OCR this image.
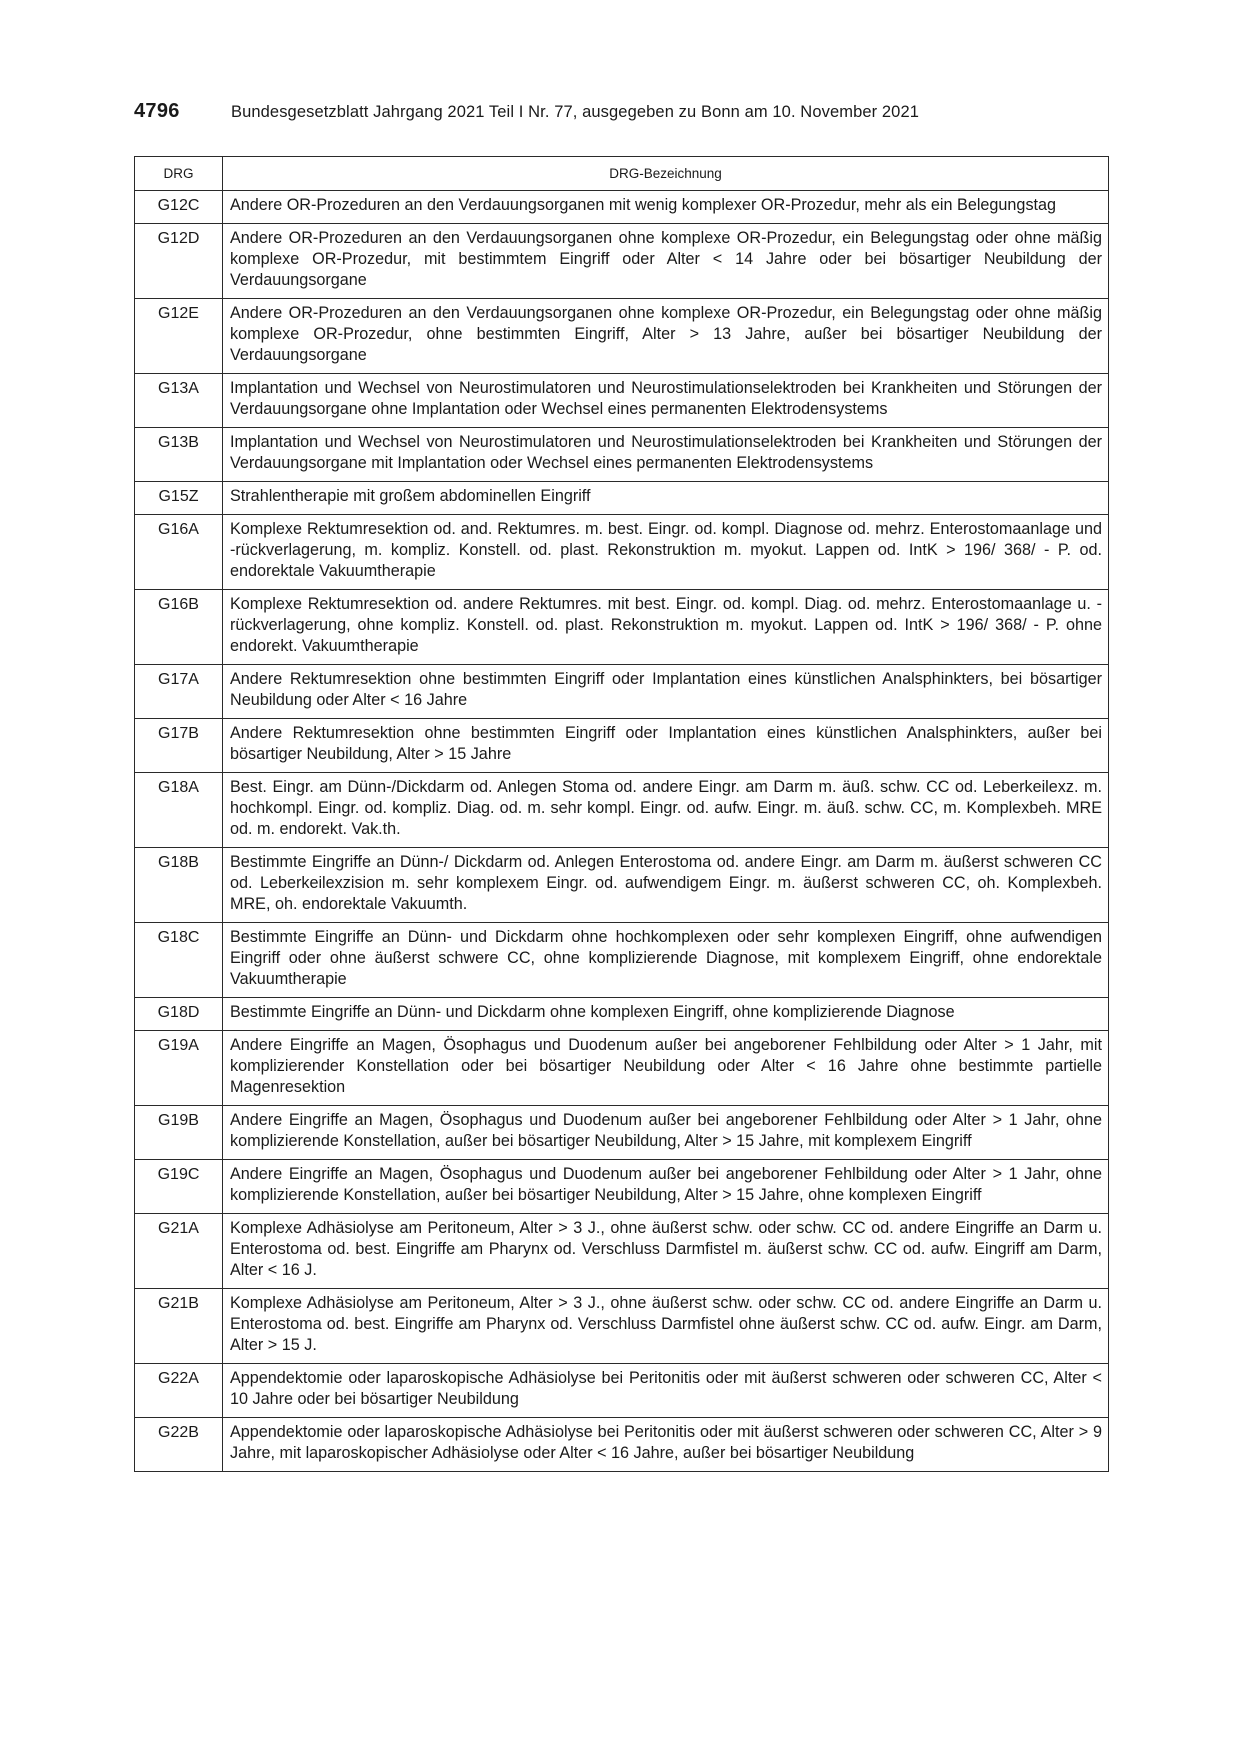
4796	Bundesgesetzblatt Jahrgang 2021 Teil I Nr. 77, ausgegeben zu Bonn am 10. November 2021
DRG	DRG-Bezeichnung
G12C	Andere OR-Prozeduren an den Verdauungsorganen mit wenig komplexer OR-Prozedur, mehr als ein Belegungstag
G12D	Andere OR-Prozeduren an den Verdauungsorganen ohne komplexe OR-Prozedur, ein Belegungstag oder ohne mäßig komplexe OR-Prozedur, mit bestimmtem Eingriff oder Alter < 14 Jahre oder bei bösartiger Neubildung der Verdauungsorgane
G12E	Andere OR-Prozeduren an den Verdauungsorganen ohne komplexe OR-Prozedur, ein Belegungstag oder ohne mäßig komplexe OR-Prozedur, ohne bestimmten Eingriff, Alter > 13 Jahre, außer bei bösartiger Neubildung der Verdauungsorgane
G13A	Implantation und Wechsel von Neurostimulatoren und Neurostimulationselektroden bei Krankheiten und Störungen der Verdauungsorgane ohne Implantation oder Wechsel eines permanenten Elektrodensystems
G13B	Implantation und Wechsel von Neurostimulatoren und Neurostimulationselektroden bei Krankheiten und Störungen der Verdauungsorgane mit Implantation oder Wechsel eines permanenten Elektrodensystems
G15Z	Strahlentherapie mit großem abdominellen Eingriff
G16A	Komplexe Rektumresektion od. and. Rektumres. m. best. Eingr. od. kompl. Diagnose od. mehrz. Enterostomaanlage und -rückverlagerung, m. kompliz. Konstell. od. plast. Rekonstruktion m. myokut. Lappen od. IntK > 196/ 368/ - P. od. endorektale Vakuumtherapie
G16B	Komplexe Rektumresektion od. andere Rektumres. mit best. Eingr. od. kompl. Diag. od. mehrz. Enterostomaanlage u. -rückverlagerung, ohne kompliz. Konstell. od. plast. Rekonstruktion m. myokut. Lappen od. IntK > 196/ 368/ - P. ohne endorekt. Vakuumtherapie
G17A	Andere Rektumresektion ohne bestimmten Eingriff oder Implantation eines künstlichen Analsphinkters, bei bösartiger Neubildung oder Alter < 16 Jahre
G17B	Andere Rektumresektion ohne bestimmten Eingriff oder Implantation eines künstlichen Analsphinkters, außer bei bösartiger Neubildung, Alter > 15 Jahre
G18A	Best. Eingr. am Dünn-/Dickdarm od. Anlegen Stoma od. andere Eingr. am Darm m. äuß. schw. CC od. Leberkeilexz. m. hochkompl. Eingr. od. kompliz. Diag. od. m. sehr kompl. Eingr. od. aufw. Eingr. m. äuß. schw. CC, m. Komplexbeh. MRE od. m. endorekt. Vak.th.
G18B	Bestimmte Eingriffe an Dünn-/ Dickdarm od. Anlegen Enterostoma od. andere Eingr. am Darm m. äußerst schweren CC od. Leberkeilexzision m. sehr komplexem Eingr. od. aufwendigem Eingr. m. äußerst schweren CC, oh. Komplexbeh. MRE, oh. endorektale Vakuumth.
G18C	Bestimmte Eingriffe an Dünn- und Dickdarm ohne hochkomplexen oder sehr komplexen Eingriff, ohne aufwendigen Eingriff oder ohne äußerst schwere CC, ohne komplizierende Diagnose, mit komplexem Eingriff, ohne endorektale Vakuumtherapie
G18D	Bestimmte Eingriffe an Dünn- und Dickdarm ohne komplexen Eingriff, ohne komplizierende Diagnose
G19A	Andere Eingriffe an Magen, Ösophagus und Duodenum außer bei angeborener Fehlbildung oder Alter > 1 Jahr, mit komplizierender Konstellation oder bei bösartiger Neubildung oder Alter < 16 Jahre ohne bestimmte partielle Magenresektion
G19B	Andere Eingriffe an Magen, Ösophagus und Duodenum außer bei angeborener Fehlbildung oder Alter > 1 Jahr, ohne komplizierende Konstellation, außer bei bösartiger Neubildung, Alter > 15 Jahre, mit komplexem Eingriff
G19C	Andere Eingriffe an Magen, Ösophagus und Duodenum außer bei angeborener Fehlbildung oder Alter > 1 Jahr, ohne komplizierende Konstellation, außer bei bösartiger Neubildung, Alter > 15 Jahre, ohne komplexen Eingriff
G21A	Komplexe Adhäsiolyse am Peritoneum, Alter > 3 J., ohne äußerst schw. oder schw. CC od. andere Eingriffe an Darm u. Enterostoma od. best. Eingriffe am Pharynx od. Verschluss Darmfistel m. äußerst schw. CC od. aufw. Eingriff am Darm, Alter < 16 J.
G21B	Komplexe Adhäsiolyse am Peritoneum, Alter > 3 J., ohne äußerst schw. oder schw. CC od. andere Eingriffe an Darm u. Enterostoma od. best. Eingriffe am Pharynx od. Verschluss Darmfistel ohne äußerst schw. CC od. aufw. Eingr. am Darm, Alter > 15 J.
G22A	Appendektomie oder laparoskopische Adhäsiolyse bei Peritonitis oder mit äußerst schweren oder schweren CC, Alter < 10 Jahre oder bei bösartiger Neubildung
G22B	Appendektomie oder laparoskopische Adhäsiolyse bei Peritonitis oder mit äußerst schweren oder schweren CC, Alter > 9 Jahre, mit laparoskopischer Adhäsiolyse oder Alter < 16 Jahre, außer bei bösartiger Neubildung
